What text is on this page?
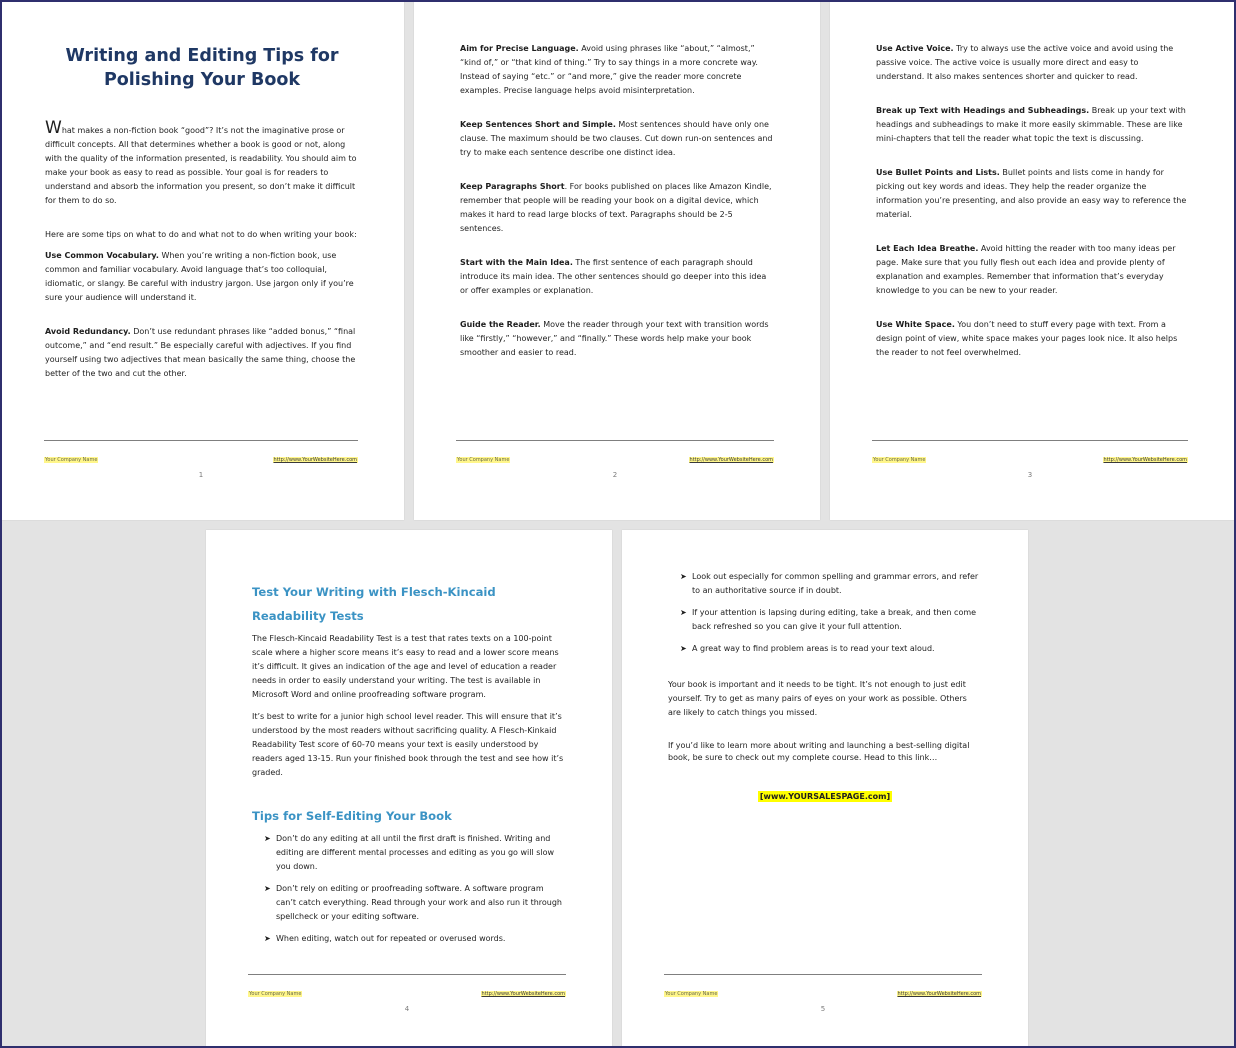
Writing and Editing Tips for Polishing Your Book

What makes a non-fiction book “good”? It’s not the imaginative prose or difficult concepts. All that determines whether a book is good or not, along with the quality of the information presented, is readability. You should aim to make your book as easy to read as possible. Your goal is for readers to understand and absorb the information you present, so don’t make it difficult for them to do so.

Here are some tips on what to do and what not to do when writing your book:

Use Common Vocabulary. When you’re writing a non-fiction book, use common and familiar vocabulary. Avoid language that’s too colloquial, idiomatic, or slangy. Be careful with industry jargon. Use jargon only if you’re sure your audience will understand it.

Avoid Redundancy. Don’t use redundant phrases like “added bonus,” “final outcome,” and “end result.” Be especially careful with adjectives. If you find yourself using two adjectives that mean basically the same thing, choose the better of the two and cut the other.

Your Company Name	http://www.YourWebsiteHere.com
1

Aim for Precise Language. Avoid using phrases like “about,” “almost,” “kind of,” or “that kind of thing.” Try to say things in a more concrete way. Instead of saying “etc.” or “and more,” give the reader more concrete examples. Precise language helps avoid misinterpretation.

Keep Sentences Short and Simple. Most sentences should have only one clause. The maximum should be two clauses. Cut down run-on sentences and try to make each sentence describe one distinct idea.

Keep Paragraphs Short. For books published on places like Amazon Kindle, remember that people will be reading your book on a digital device, which makes it hard to read large blocks of text. Paragraphs should be 2-5 sentences.

Start with the Main Idea. The first sentence of each paragraph should introduce its main idea. The other sentences should go deeper into this idea or offer examples or explanation.

Guide the Reader. Move the reader through your text with transition words like “firstly,” “however,” and “finally.” These words help make your book smoother and easier to read.

Your Company Name	http://www.YourWebsiteHere.com
2

Use Active Voice. Try to always use the active voice and avoid using the passive voice. The active voice is usually more direct and easy to understand. It also makes sentences shorter and quicker to read.

Break up Text with Headings and Subheadings. Break up your text with headings and subheadings to make it more easily skimmable. These are like mini-chapters that tell the reader what topic the text is discussing.

Use Bullet Points and Lists. Bullet points and lists come in handy for picking out key words and ideas. They help the reader organize the information you’re presenting, and also provide an easy way to reference the material.

Let Each Idea Breathe. Avoid hitting the reader with too many ideas per page. Make sure that you fully flesh out each idea and provide plenty of explanation and examples. Remember that information that’s everyday knowledge to you can be new to your reader.

Use White Space. You don’t need to stuff every page with text. From a design point of view, white space makes your pages look nice. It also helps the reader to not feel overwhelmed.

Your Company Name	http://www.YourWebsiteHere.com
3
Test Your Writing with Flesch-Kincaid Readability Tests

The Flesch-Kincaid Readability Test is a test that rates texts on a 100-point scale where a higher score means it’s easy to read and a lower score means it’s difficult. It gives an indication of the age and level of education a reader needs in order to easily understand your writing. The test is available in Microsoft Word and online proofreading software program.

It’s best to write for a junior high school level reader. This will ensure that it’s understood by the most readers without sacrificing quality. A Flesch-Kinkaid Readability Test score of 60-70 means your text is easily understood by readers aged 13-15. Run your finished book through the test and see how it’s graded.

Tips for Self-Editing Your Book
➤ Don’t do any editing at all until the first draft is finished. Writing and editing are different mental processes and editing as you go will slow you down.
➤ Don’t rely on editing or proofreading software. A software program can’t catch everything. Read through your work and also run it through spellcheck or your editing software.
➤ When editing, watch out for repeated or overused words.
Your Company Name	http://www.YourWebsiteHere.com
4
➤ Look out especially for common spelling and grammar errors, and refer to an authoritative source if in doubt.
➤ If your attention is lapsing during editing, take a break, and then come back refreshed so you can give it your full attention.
➤ A great way to find problem areas is to read your text aloud.

Your book is important and it needs to be tight. It’s not enough to just edit yourself. Try to get as many pairs of eyes on your work as possible. Others are likely to catch things you missed.

If you’d like to learn more about writing and launching a best-selling digital book, be sure to check out my complete course. Head to this link…

[www.YOURSALESPAGE.com]
Your Company Name	http://www.YourWebsiteHere.com
5
